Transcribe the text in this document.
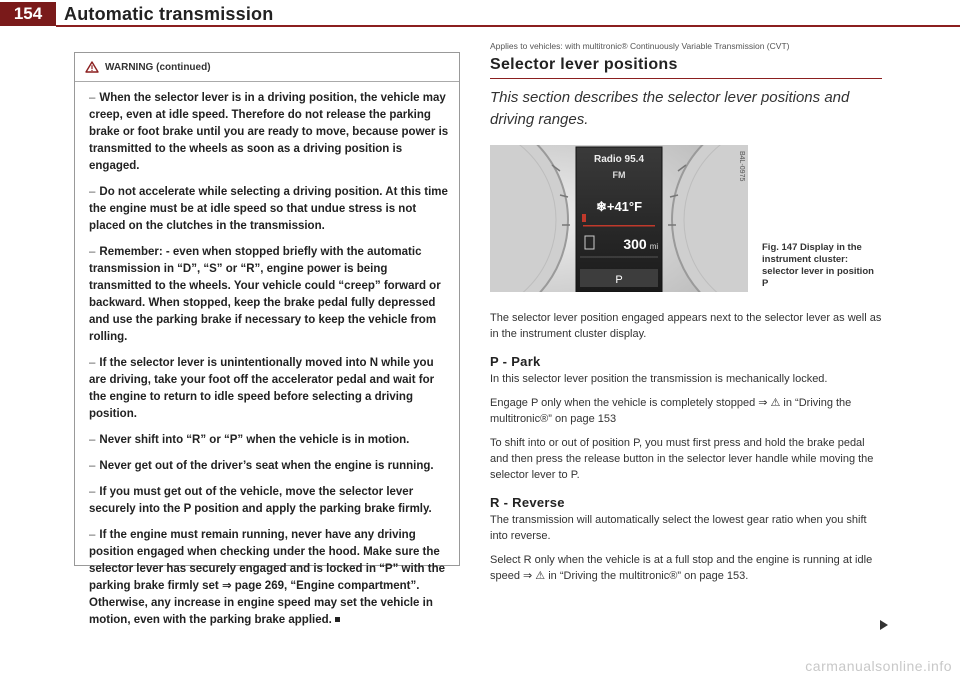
154	Automatic transmission
WARNING (continued)

– When the selector lever is in a driving position, the vehicle may creep, even at idle speed. Therefore do not release the parking brake or foot brake until you are ready to move, because power is transmitted to the wheels as soon as a driving position is engaged.

– Do not accelerate while selecting a driving position. At this time the engine must be at idle speed so that undue stress is not placed on the clutches in the transmission.

– Remember: - even when stopped briefly with the automatic transmission in “D”, “S” or “R”, engine power is being transmitted to the wheels. Your vehicle could “creep” forward or backward. When stopped, keep the brake pedal fully depressed and use the parking brake if necessary to keep the vehicle from rolling.

– If the selector lever is unintentionally moved into N while you are driving, take your foot off the accelerator pedal and wait for the engine to return to idle speed before selecting a driving position.

– Never shift into “R” or “P” when the vehicle is in motion.

– Never get out of the driver’s seat when the engine is running.

– If you must get out of the vehicle, move the selector lever securely into the P position and apply the parking brake firmly.

– If the engine must remain running, never have any driving position engaged when checking under the hood. Make sure the selector lever has securely engaged and is locked in “P” with the parking brake firmly set ⇒ page 269, “Engine compartment”. Otherwise, any increase in engine speed may set the vehicle in motion, even with the parking brake applied.

Applies to vehicles: with multitronic® Continuously Variable Transmission (CVT)

Selector lever positions

This section describes the selector lever positions and driving ranges.

Radio 95.4
FM
❄+41°F
300 mi
P
B4L-0975
Fig. 147 Display in the instrument cluster: selector lever in position P

The selector lever position engaged appears next to the selector lever as well as in the instrument cluster display.

P - Park

In this selector lever position the transmission is mechanically locked.

Engage P only when the vehicle is completely stopped ⇒ ⚠ in “Driving the multitronic®” on page 153

To shift into or out of position P, you must first press and hold the brake pedal and then press the release button in the selector lever handle while moving the selector lever to P.

R - Reverse

The transmission will automatically select the lowest gear ratio when you shift into reverse.

Select R only when the vehicle is at a full stop and the engine is running at idle speed ⇒ ⚠ in “Driving the multitronic®” on page 153.

carmanualsonline.info
